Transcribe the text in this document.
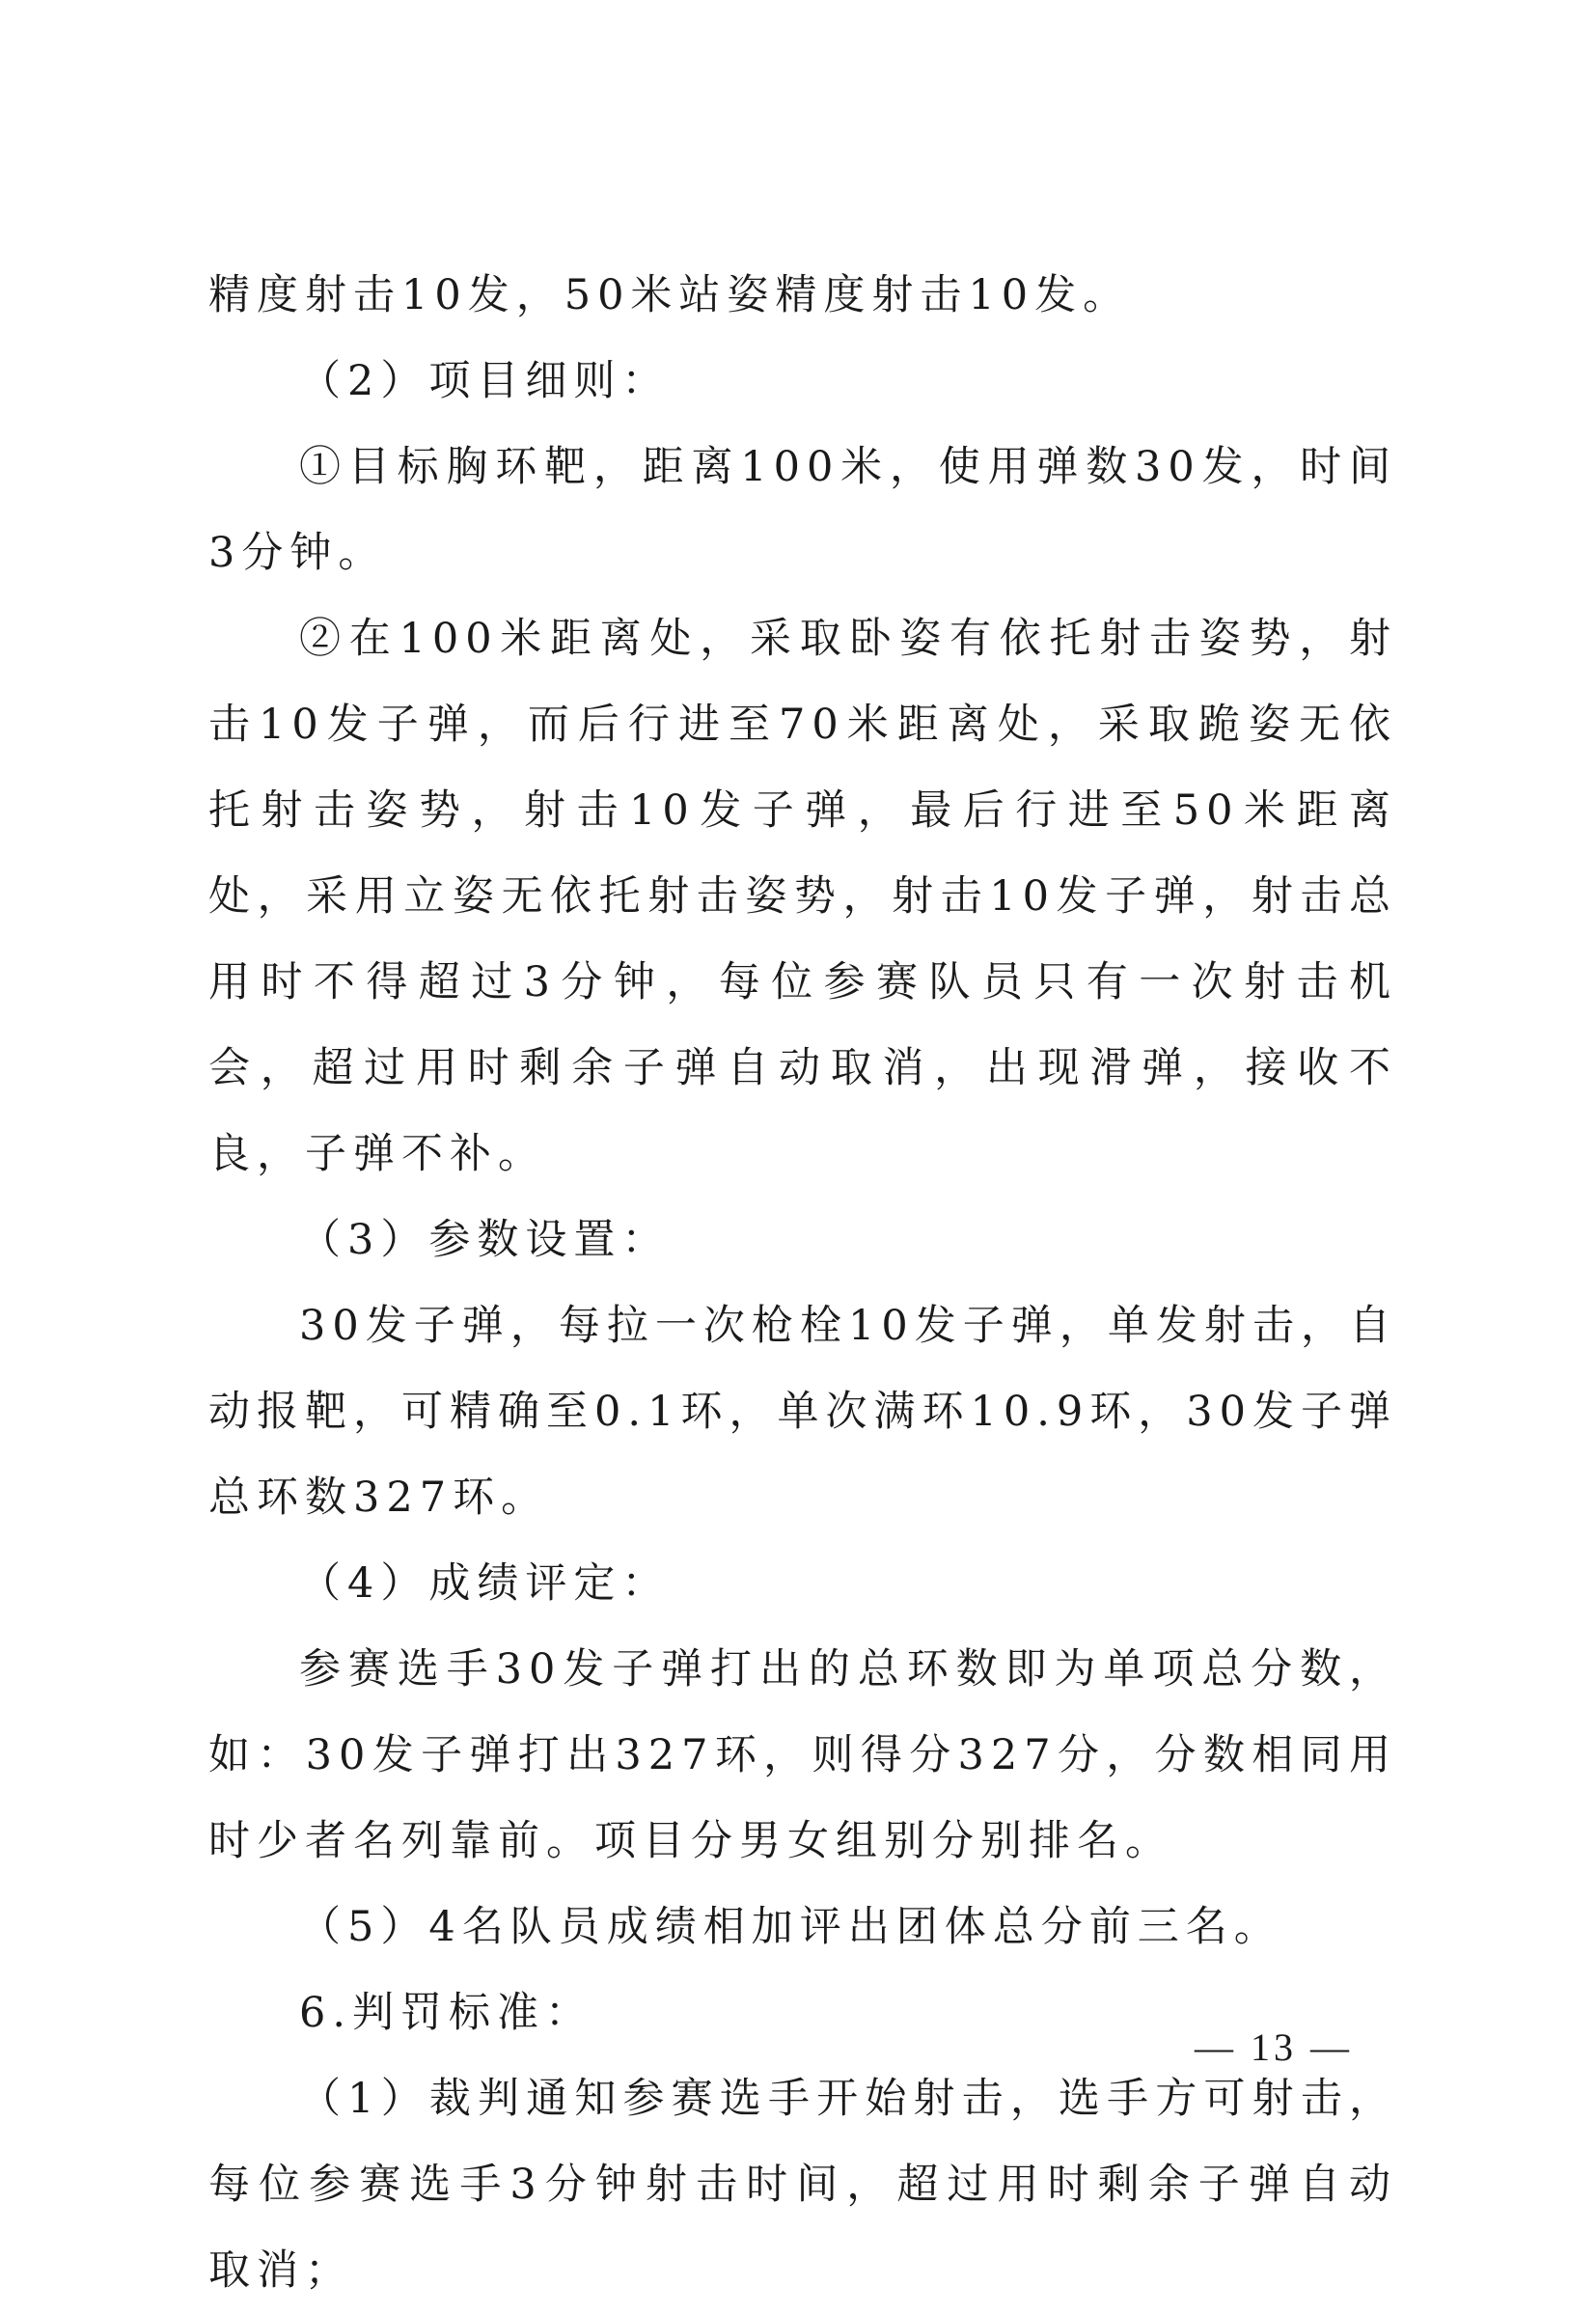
精度射击10发，50米站姿精度射击10发。

（2）项目细则：

①目标胸环靶，距离100米，使用弹数30发，时间3分钟。

②在100米距离处，采取卧姿有依托射击姿势，射击10发子弹，而后行进至70米距离处，采取跪姿无依托射击姿势，射击10发子弹，最后行进至50米距离处，采用立姿无依托射击姿势，射击10发子弹，射击总用时不得超过3分钟，每位参赛队员只有一次射击机会，超过用时剩余子弹自动取消，出现滑弹，接收不良，子弹不补。

（3）参数设置：

30发子弹，每拉一次枪栓10发子弹，单发射击，自动报靶，可精确至0.1环，单次满环10.9环，30发子弹总环数327环。

（4）成绩评定：

参赛选手30发子弹打出的总环数即为单项总分数，如：30发子弹打出327环，则得分327分，分数相同用时少者名列靠前。项目分男女组别分别排名。

（5）4名队员成绩相加评出团体总分前三名。

6.判罚标准：

（1）裁判通知参赛选手开始射击，选手方可射击，每位参赛选手3分钟射击时间，超过用时剩余子弹自动取消；

— 13 —
